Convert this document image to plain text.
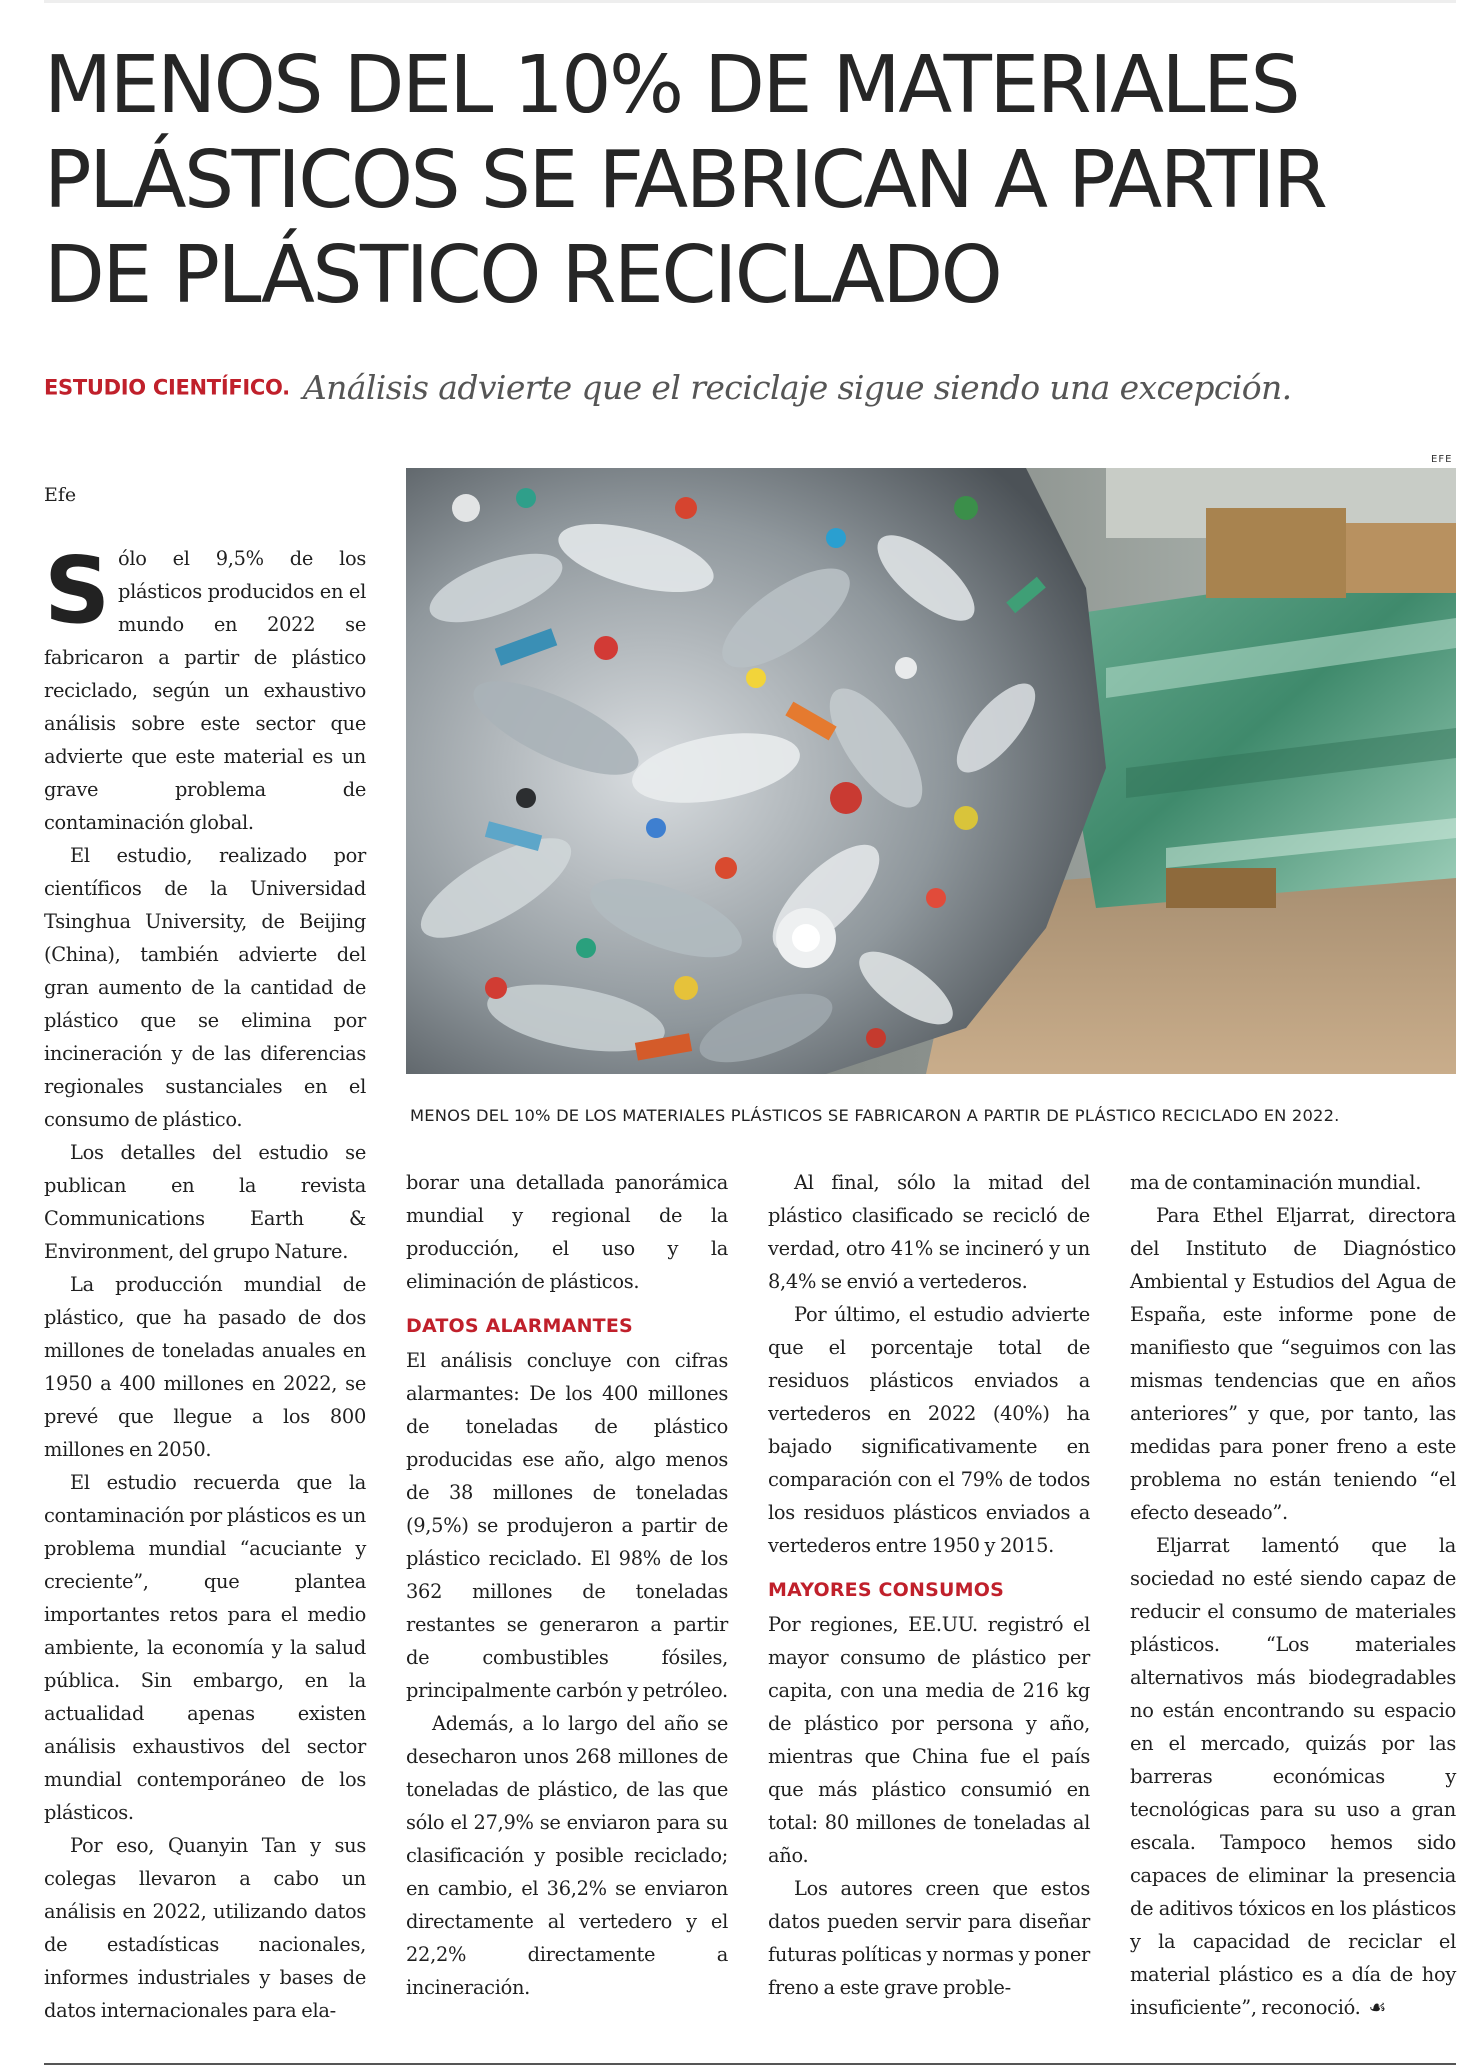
MENOS DEL 10% DE MATERIALES PLÁSTICOS SE FABRICAN A PARTIR DE PLÁSTICO RECICLADO
ESTUDIO CIENTÍFICO. Análisis advierte que el reciclaje sigue siendo una excepción.
EFE
MENOS DEL 10% DE LOS MATERIALES PLÁSTICOS SE FABRICARON A PARTIR DE PLÁSTICO RECICLADO EN 2022.
Efe

Sólo el 9,5% de los plásticos producidos en el mundo en 2022 se fabricaron a partir de plástico reciclado, según un exhaustivo análisis sobre este sector que advierte que este material es un grave problema de contaminación global.

El estudio, realizado por científicos de la Universidad Tsinghua University, de Beijing (China), también advierte del gran aumento de la cantidad de plástico que se elimina por incineración y de las diferencias regionales sustanciales en el consumo de plástico.

Los detalles del estudio se publican en la revista Communications Earth & Environment, del grupo Nature.

La producción mundial de plástico, que ha pasado de dos millones de toneladas anuales en 1950 a 400 millones en 2022, se prevé que llegue a los 800 millones en 2050.

El estudio recuerda que la contaminación por plásticos es un problema mundial “acuciante y creciente”, que plantea importantes retos para el medio ambiente, la economía y la salud pública. Sin embargo, en la actualidad apenas existen análisis exhaustivos del sector mundial contemporáneo de los plásticos.

Por eso, Quanyin Tan y sus colegas llevaron a cabo un análisis en 2022, utilizando datos de estadísticas nacionales, informes industriales y bases de datos internacionales para ela-

borar una detallada panorámica mundial y regional de la producción, el uso y la eliminación de plásticos.

DATOS ALARMANTES

El análisis concluye con cifras alarmantes: De los 400 millones de toneladas de plástico producidas ese año, algo menos de 38 millones de toneladas (9,5%) se produjeron a partir de plástico reciclado. El 98% de los 362 millones de toneladas restantes se generaron a partir de combustibles fósiles, principalmente carbón y petróleo.

Además, a lo largo del año se desecharon unos 268 millones de toneladas de plástico, de las que sólo el 27,9% se enviaron para su clasificación y posible reciclado; en cambio, el 36,2% se enviaron directamente al vertedero y el 22,2% directamente a incineración.

Al final, sólo la mitad del plástico clasificado se recicló de verdad, otro 41% se incineró y un 8,4% se envió a vertederos.

Por último, el estudio advierte que el porcentaje total de residuos plásticos enviados a vertederos en 2022 (40%) ha bajado significativamente en comparación con el 79% de todos los residuos plásticos enviados a vertederos entre 1950 y 2015.

MAYORES CONSUMOS

Por regiones, EE.UU. registró el mayor consumo de plástico per capita, con una media de 216 kg de plástico por persona y año, mientras que China fue el país que más plástico consumió en total: 80 millones de toneladas al año.

Los autores creen que estos datos pueden servir para diseñar futuras políticas y normas y poner freno a este grave proble-

ma de contaminación mundial.

Para Ethel Eljarrat, directora del Instituto de Diagnóstico Ambiental y Estudios del Agua de España, este informe pone de manifiesto que “seguimos con las mismas tendencias que en años anteriores” y que, por tanto, las medidas para poner freno a este problema no están teniendo “el efecto deseado”.

Eljarrat lamentó que la sociedad no esté siendo capaz de reducir el consumo de materiales plásticos. “Los materiales alternativos más biodegradables no están encontrando su espacio en el mercado, quizás por las barreras económicas y tecnológicas para su uso a gran escala. Tampoco hemos sido capaces de eliminar la presencia de aditivos tóxicos en los plásticos y la capacidad de reciclar el material plástico es a día de hoy insuficiente”, reconoció. ☙
